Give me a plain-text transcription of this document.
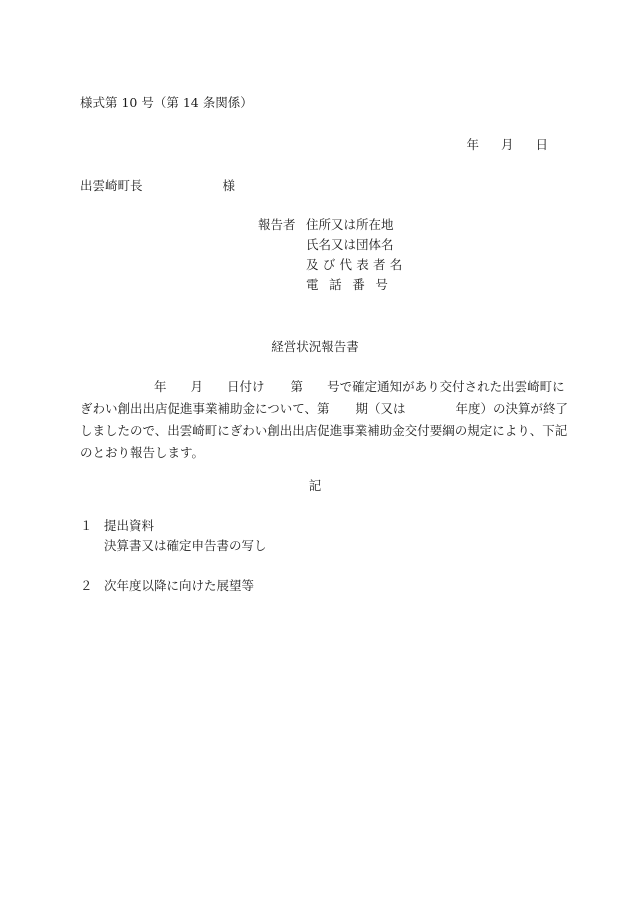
様式第 10 号（第 14 条関係）
年 月 日
出雲崎町長	様
報告者 住所又は所在地
氏名又は団体名
及び代表者名
電話番号
経営状況報告書

年 月 日付け 第 号で確定通知があり交付された出雲崎町に

ぎわい創出出店促進事業補助金について、第 期（又は	年度）の決算が終了

しましたので、出雲崎町にぎわい創出出店促進事業補助金交付要綱の規定により、下記

のとおり報告します。

記
１ 提出資料
決算書又は確定申告書の写し
２ 次年度以降に向けた展望等
